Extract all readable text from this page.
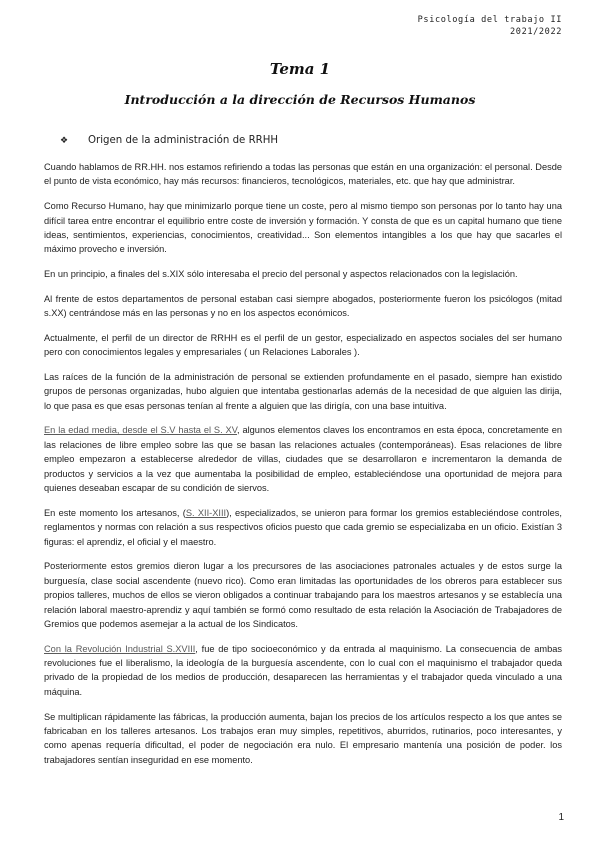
Psicología del trabajo II
2021/2022
Tema 1
Introducción a la dirección de Recursos Humanos
❖ Origen de la administración de RRHH

Cuando hablamos de RR.HH. nos estamos refiriendo a todas las personas que están en una organización: el personal. Desde el punto de vista económico, hay más recursos: financieros, tecnológicos, materiales, etc. que hay que administrar.

Como Recurso Humano, hay que minimizarlo porque tiene un coste, pero al mismo tiempo son personas por lo tanto hay una difícil tarea entre encontrar el equilibrio entre coste de inversión y formación. Y consta de que es un capital humano que tiene ideas, sentimientos, experiencias, conocimientos, creatividad... Son elementos intangibles a los que hay que sacarles el máximo provecho e inversión.

En un principio, a finales del s.XIX sólo interesaba el precio del personal y aspectos relacionados con la legislación.

Al frente de estos departamentos de personal estaban casi siempre abogados, posteriormente fueron los psicólogos (mitad s.XX) centrándose más en las personas y no en los aspectos económicos.

Actualmente, el perfil de un director de RRHH es el perfil de un gestor, especializado en aspectos sociales del ser humano pero con conocimientos legales y empresariales ( un Relaciones Laborales ).

Las raíces de la función de la administración de personal se extienden profundamente en el pasado, siempre han existido grupos de personas organizadas, hubo alguien que intentaba gestionarlas además de la necesidad de que alguien las dirija, lo que pasa es que esas personas tenían al frente a alguien que las dirigía, con una base intuitiva.

En la edad media, desde el S.V hasta el S. XV, algunos elementos claves los encontramos en esta época, concretamente en las relaciones de libre empleo sobre las que se basan las relaciones actuales (contemporáneas). Esas relaciones de libre empleo empezaron a establecerse alrededor de villas, ciudades que se desarrollaron e incrementaron la demanda de productos y servicios a la vez que aumentaba la posibilidad de empleo, estableciéndose una oportunidad de mejora para quienes deseaban escapar de su condición de siervos.

En este momento los artesanos, (S. XII-XIII), especializados, se unieron para formar los gremios estableciéndose controles, reglamentos y normas con relación a sus respectivos oficios puesto que cada gremio se especializaba en un oficio. Existían 3 figuras: el aprendiz, el oficial y el maestro.

Posteriormente estos gremios dieron lugar a los precursores de las asociaciones patronales actuales y de estos surge la burguesía, clase social ascendente (nuevo rico). Como eran limitadas las oportunidades de los obreros para establecer sus propios talleres, muchos de ellos se vieron obligados a continuar trabajando para los maestros artesanos y se establecía una relación laboral maestro-aprendiz y aquí también se formó como resultado de esta relación la Asociación de Trabajadores de Gremios que podemos asemejar a la actual de los Sindicatos.

Con la Revolución Industrial S.XVIII, fue de tipo socioeconómico y da entrada al maquinismo. La consecuencia de ambas revoluciones fue el liberalismo, la ideología de la burguesía ascendente, con lo cual con el maquinismo el trabajador queda privado de la propiedad de los medios de producción, desaparecen las herramientas y el trabajador queda vinculado a una máquina.

Se multiplican rápidamente las fábricas, la producción aumenta, bajan los precios de los artículos respecto a los que antes se fabricaban en los talleres artesanos. Los trabajos eran muy simples, repetitivos, aburridos, rutinarios, poco interesantes, y como apenas requería dificultad, el poder de negociación era nulo. El empresario mantenía una posición de poder. los trabajadores sentían inseguridad en ese momento.

1
